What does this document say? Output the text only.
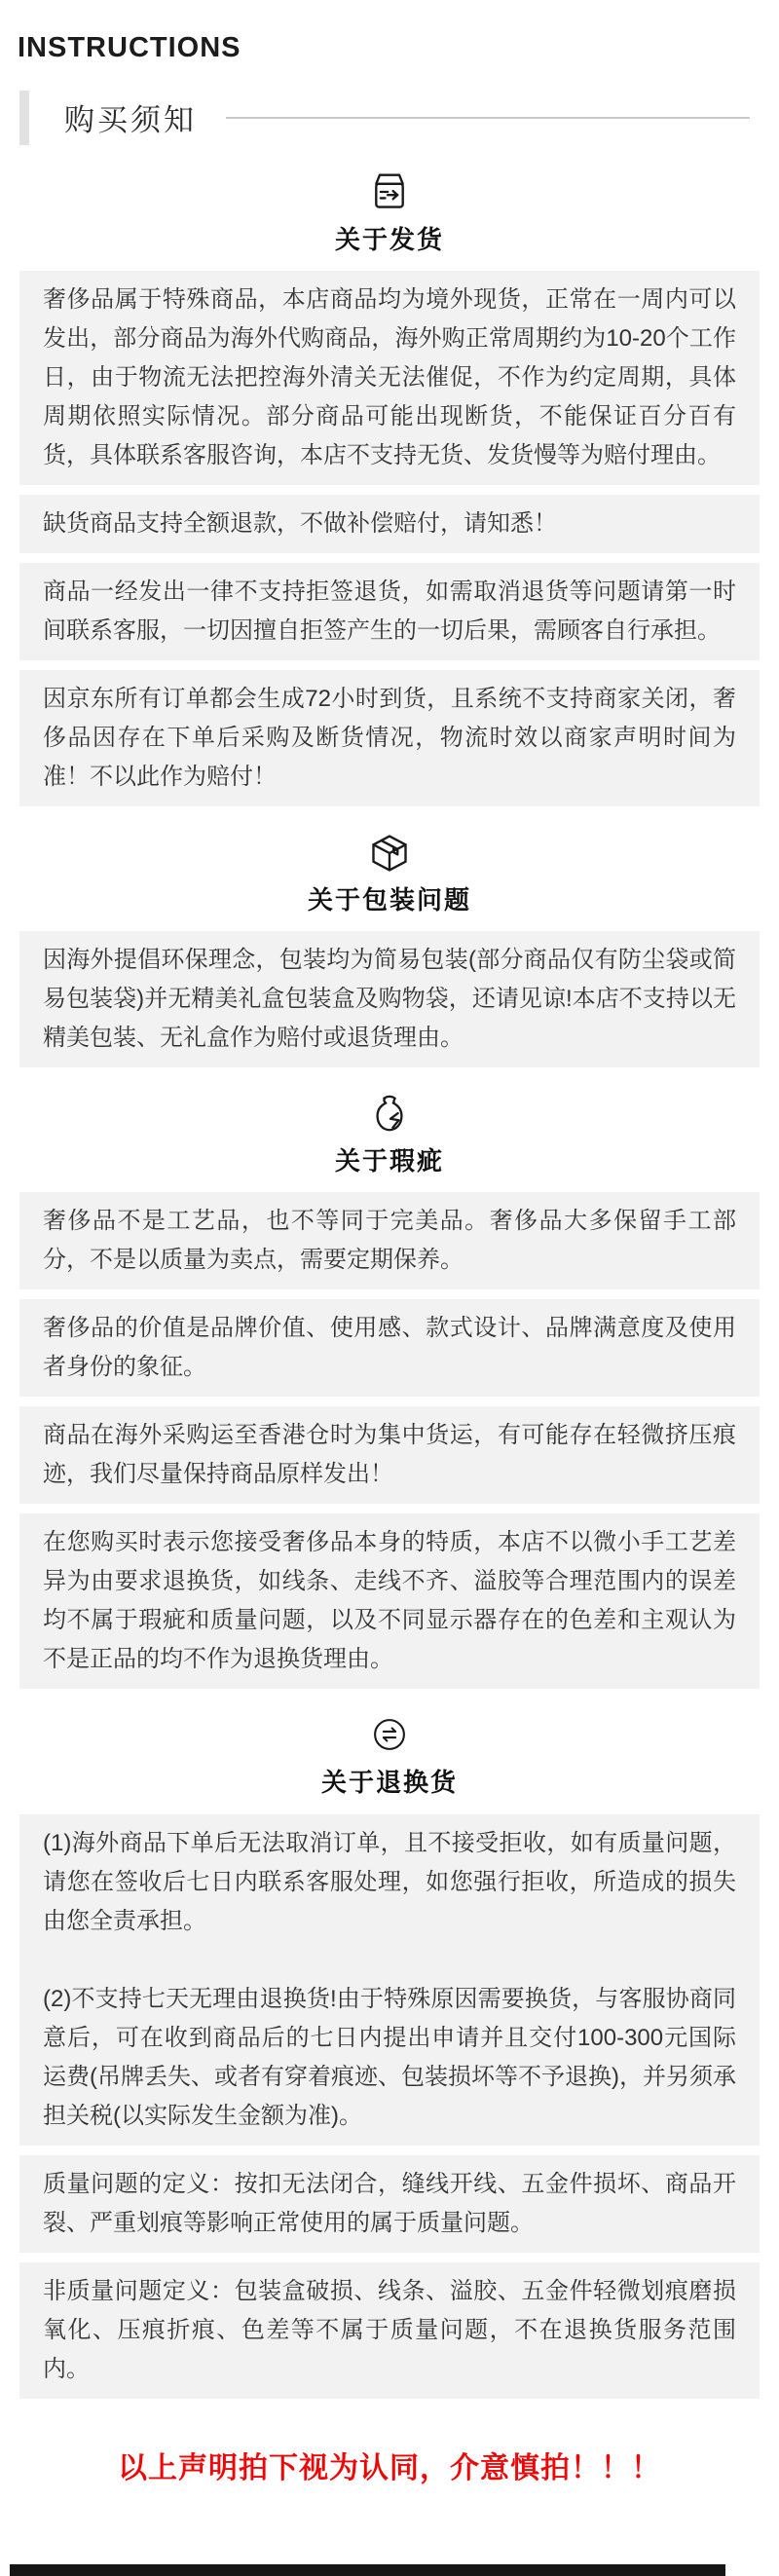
INSTRUCTIONS
购买须知
关于发货

奢侈品属于特殊商品，本店商品均为境外现货，正常在一周内可以发出，部分商品为海外代购商品，海外购正常周期约为10-20个工作日，由于物流无法把控海外清关无法催促，不作为约定周期，具体周期依照实际情况。部分商品可能出现断货，不能保证百分百有货，具体联系客服咨询，本店不支持无货、发货慢等为赔付理由。

缺货商品支持全额退款，不做补偿赔付，请知悉！

商品一经发出一律不支持拒签退货，如需取消退货等问题请第一时间联系客服，一切因擅自拒签产生的一切后果，需顾客自行承担。

因京东所有订单都会生成72小时到货，且系统不支持商家关闭，奢侈品因存在下单后采购及断货情况，物流时效以商家声明时间为准！不以此作为赔付！

关于包装问题

因海外提倡环保理念，包装均为简易包装(部分商品仅有防尘袋或简易包装袋)并无精美礼盒包装盒及购物袋，还请见谅!本店不支持以无精美包装、无礼盒作为赔付或退货理由。

关于瑕疵

奢侈品不是工艺品，也不等同于完美品。奢侈品大多保留手工部分，不是以质量为卖点，需要定期保养。

奢侈品的价值是品牌价值、使用感、款式设计、品牌满意度及使用者身份的象征。

商品在海外采购运至香港仓时为集中货运，有可能存在轻微挤压痕迹，我们尽量保持商品原样发出！

在您购买时表示您接受奢侈品本身的特质，本店不以微小手工艺差异为由要求退换货，如线条、走线不齐、溢胶等合理范围内的误差均不属于瑕疵和质量问题，以及不同显示器存在的色差和主观认为不是正品的均不作为退换货理由。

关于退换货

(1)海外商品下单后无法取消订单，且不接受拒收，如有质量问题，请您在签收后七日内联系客服处理，如您强行拒收，所造成的损失由您全责承担。

(2)不支持七天无理由退换货!由于特殊原因需要换货，与客服协商同意后，可在收到商品后的七日内提出申请并且交付100-300元国际运费(吊牌丢失、或者有穿着痕迹、包装损坏等不予退换)，并另须承担关税(以实际发生金额为准)。

质量问题的定义：按扣无法闭合，缝线开线、五金件损坏、商品开裂、严重划痕等影响正常使用的属于质量问题。

非质量问题定义：包装盒破损、线条、溢胶、五金件轻微划痕磨损氧化、压痕折痕、色差等不属于质量问题，不在退换货服务范围内。

以上声明拍下视为认同，介意慎拍！！！
